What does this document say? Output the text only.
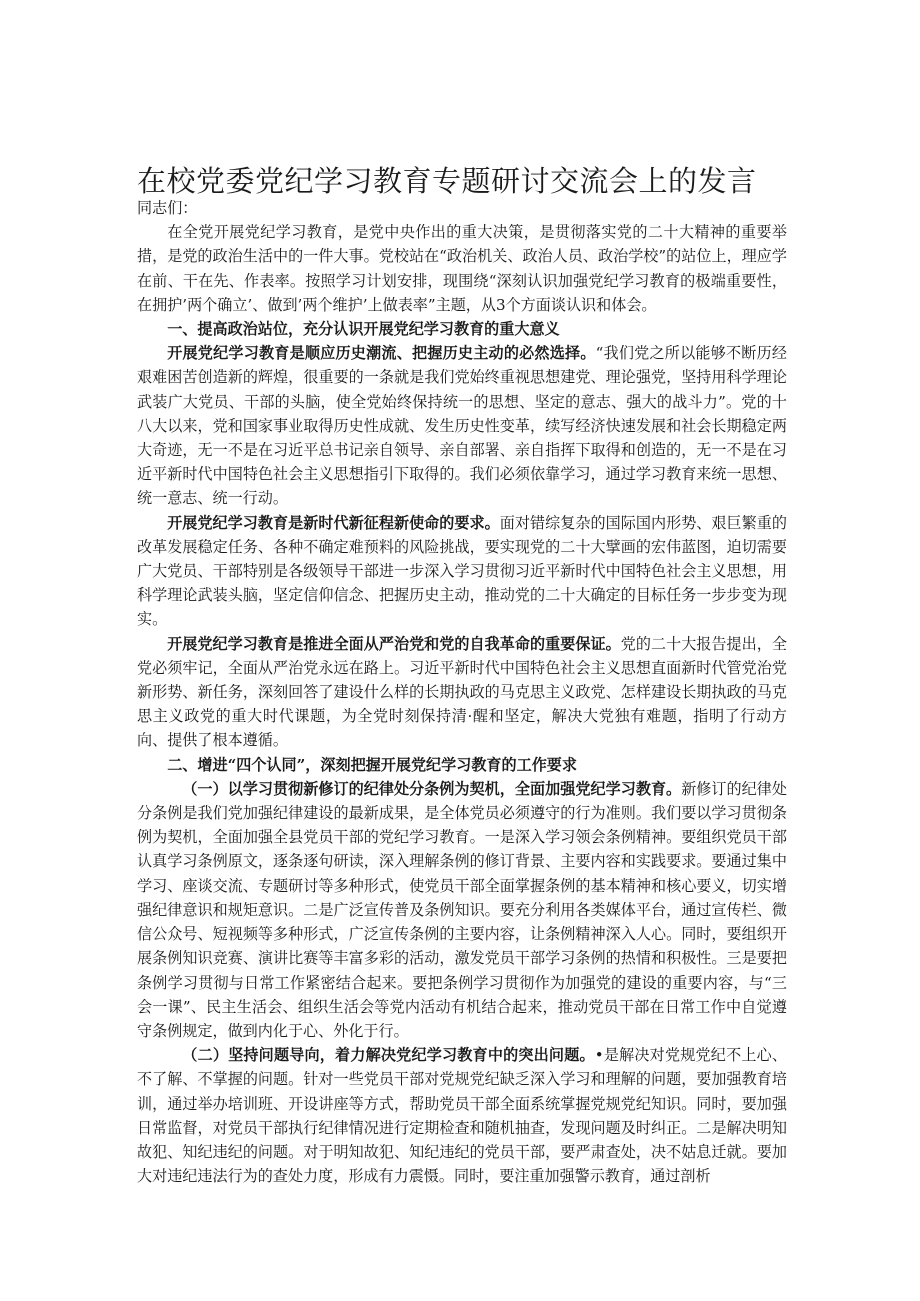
在校党委党纪学习教育专题研讨交流会上的发言

同志们：

在全党开展党纪学习教育，是党中央作出的重大决策，是贯彻落实党的二十大精神的重要举措，是党的政治生活中的一件大事。党校站在“政治机关、政治人员、政治学校”的站位上，理应学在前、干在先、作表率。按照学习计划安排，现围绕“深刻认识加强党纪学习教育的极端重要性，在拥护’两个确立’、做到’两个维护’上做表率”主题，从3个方面谈认识和体会。

一、提高政治站位，充分认识开展党纪学习教育的重大意义

开展党纪学习教育是顺应历史潮流、把握历史主动的必然选择。“我们党之所以能够不断历经艰难困苦创造新的辉煌，很重要的一条就是我们党始终重视思想建党、理论强党，坚持用科学理论武装广大党员、干部的头脑，使全党始终保持统一的思想、坚定的意志、强大的战斗力”。党的十八大以来，党和国家事业取得历史性成就、发生历史性变革，续写经济快速发展和社会长期稳定两大奇迹，无一不是在习近平总书记亲自领导、亲自部署、亲自指挥下取得和创造的，无一不是在习近平新时代中国特色社会主义思想指引下取得的。我们必须依靠学习，通过学习教育来统一思想、统一意志、统一行动。

开展党纪学习教育是新时代新征程新使命的要求。面对错综复杂的国际国内形势、艰巨繁重的改革发展稳定任务、各种不确定难预料的风险挑战，要实现党的二十大擘画的宏伟蓝图，迫切需要广大党员、干部特别是各级领导干部进一步深入学习贯彻习近平新时代中国特色社会主义思想，用科学理论武装头脑，坚定信仰信念、把握历史主动，推动党的二十大确定的目标任务一步步变为现实。

开展党纪学习教育是推进全面从严治党和党的自我革命的重要保证。党的二十大报告提出，全党必须牢记，全面从严治党永远在路上。习近平新时代中国特色社会主义思想直面新时代管党治党新形势、新任务，深刻回答了建设什么样的长期执政的马克思主义政党、怎样建设长期执政的马克思主义政党的重大时代课题，为全党时刻保持清·醒和坚定，解决大党独有难题，指明了行动方向、提供了根本遵循。

二、增进“四个认同”，深刻把握开展党纪学习教育的工作要求

（一）以学习贯彻新修订的纪律处分条例为契机，全面加强党纪学习教育。新修订的纪律处分条例是我们党加强纪律建设的最新成果，是全体党员必须遵守的行为准则。我们要以学习贯彻条例为契机，全面加强全县党员干部的党纪学习教育。一是深入学习领会条例精神。要组织党员干部认真学习条例原文，逐条逐句研读，深入理解条例的修订背景、主要内容和实践要求。要通过集中学习、座谈交流、专题研讨等多种形式，使党员干部全面掌握条例的基本精神和核心要义，切实增强纪律意识和规矩意识。二是广泛宣传普及条例知识。要充分利用各类媒体平台，通过宣传栏、微信公众号、短视频等多种形式，广泛宣传条例的主要内容，让条例精神深入人心。同时，要组织开展条例知识竞赛、演讲比赛等丰富多彩的活动，激发党员干部学习条例的热情和积极性。三是要把条例学习贯彻与日常工作紧密结合起来。要把条例学习贯彻作为加强党的建设的重要内容，与“三会一课”、民主生活会、组织生活会等党内活动有机结合起来，推动党员干部在日常工作中自觉遵守条例规定，做到内化于心、外化于行。

（二）坚持问题导向，着力解决党纪学习教育中的突出问题。•是解决对党规党纪不上心、不了解、不掌握的问题。针对一些党员干部对党规党纪缺乏深入学习和理解的问题，要加强教育培训，通过举办培训班、开设讲座等方式，帮助党员干部全面系统掌握党规党纪知识。同时，要加强日常监督，对党员干部执行纪律情况进行定期检查和随机抽查，发现问题及时纠正。二是解决明知故犯、知纪违纪的问题。对于明知故犯、知纪违纪的党员干部，要严肃查处，决不姑息迁就。要加大对违纪违法行为的查处力度，形成有力震慑。同时，要注重加强警示教育，通过剖析
